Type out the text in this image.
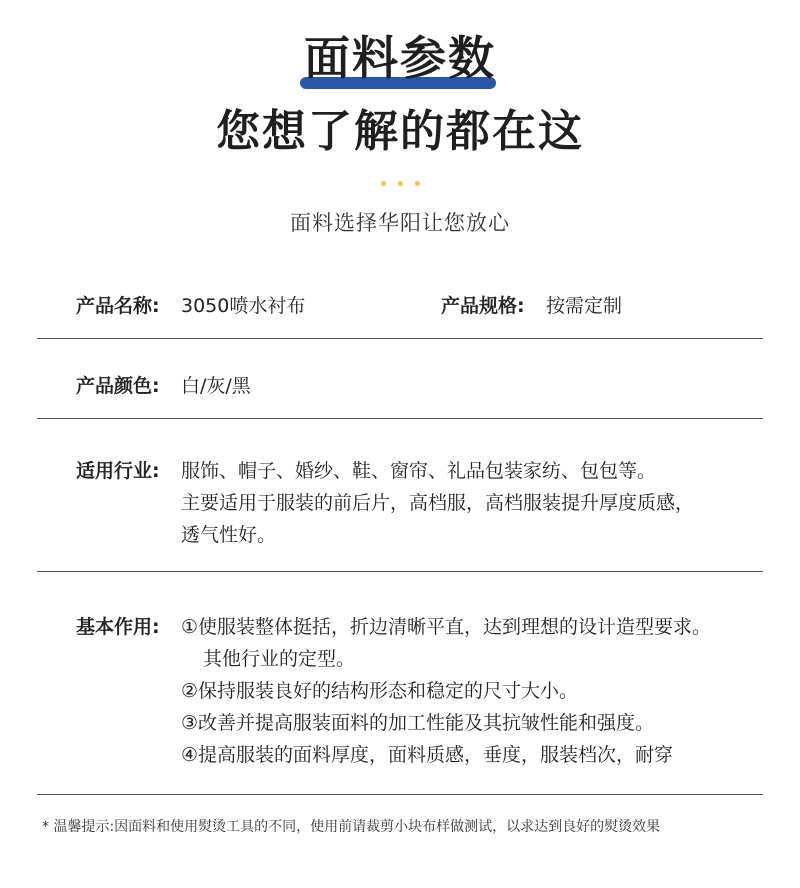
面料参数
您想了解的都在这

面料选择华阳让您放心
产品名称: 3050喷水衬布	产品规格: 按需定制
产品颜色: 白/灰/黑
适用行业: 服饰、帽子、婚纱、鞋、窗帘、礼品包装家纺、包包等。
主要适用于服装的前后片，高档服，高档服装提升厚度质感，
透气性好。
基本作用: ①使服装整体挺括，折边清晰平直，达到理想的设计造型要求。
其他行业的定型。
②保持服装良好的结构形态和稳定的尺寸大小。
③改善并提高服装面料的加工性能及其抗皱性能和强度。
④提高服装的面料厚度，面料质感，垂度，服装档次，耐穿
* 温馨提示:因面料和使用熨烫工具的不同，使用前请裁剪小块布样做测试，以求达到良好的熨烫效果
